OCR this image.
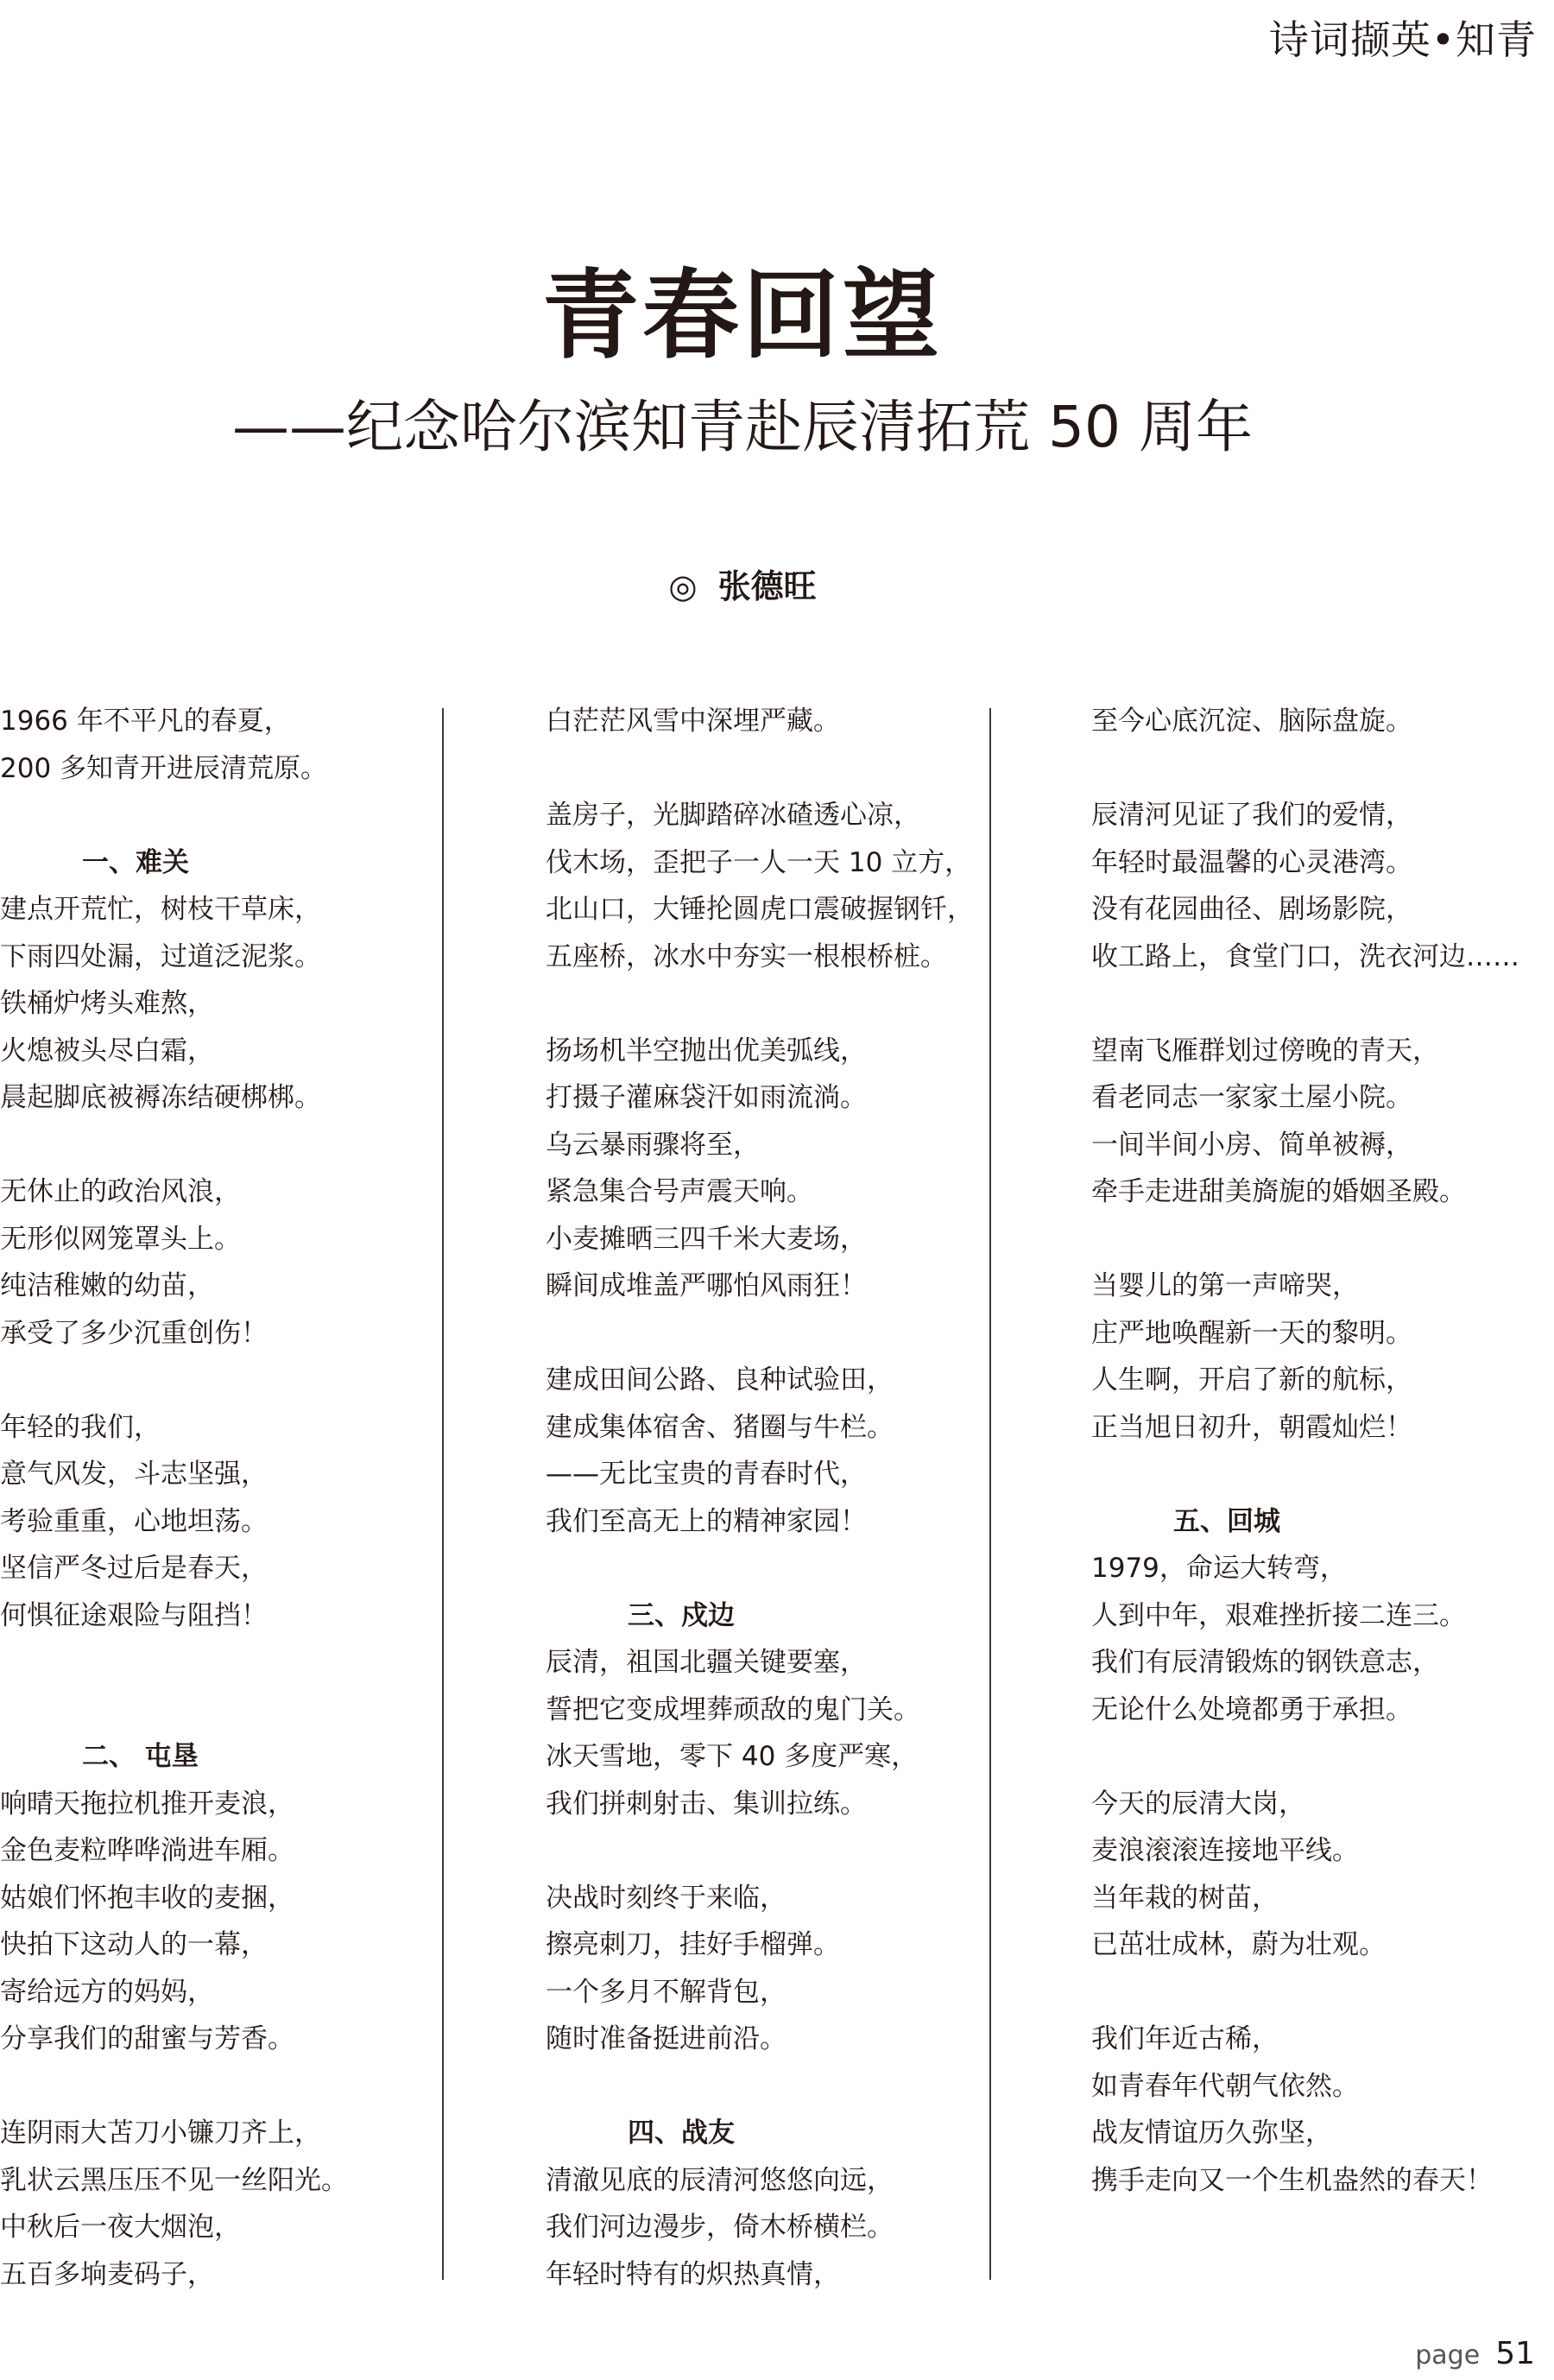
诗词撷英•知青
青春回望
——纪念哈尔滨知青赴辰清拓荒 50 周年
◎ 张德旺
1966 年不平凡的春夏，
200 多知青开进辰清荒原。
一、难关
建点开荒忙，树枝干草床，
下雨四处漏，过道泛泥浆。
铁桶炉烤头难熬，
火熄被头尽白霜，
晨起脚底被褥冻结硬梆梆。
无休止的政治风浪，
无形似网笼罩头上。
纯洁稚嫩的幼苗，
承受了多少沉重创伤！
年轻的我们，
意气风发，斗志坚强，
考验重重，心地坦荡。
坚信严冬过后是春天，
何惧征途艰险与阻挡！
二、 屯垦
响晴天拖拉机推开麦浪，
金色麦粒哗哗淌进车厢。
姑娘们怀抱丰收的麦捆，
快拍下这动人的一幕，
寄给远方的妈妈，
分享我们的甜蜜与芳香。
连阴雨大苫刀小镰刀齐上，
乳状云黑压压不见一丝阳光。
中秋后一夜大烟泡，
五百多垧麦码子，
白茫茫风雪中深埋严藏。
盖房子，光脚踏碎冰碴透心凉，
伐木场，歪把子一人一天 10 立方，
北山口，大锤抡圆虎口震破握钢钎，
五座桥，冰水中夯实一根根桥桩。
扬场机半空抛出优美弧线，
打摄子灌麻袋汗如雨流淌。
乌云暴雨骤将至，
紧急集合号声震天响。
小麦摊晒三四千米大麦场，
瞬间成堆盖严哪怕风雨狂！
建成田间公路、良种试验田，
建成集体宿舍、猪圈与牛栏。
——无比宝贵的青春时代，
我们至高无上的精神家园！
三、戍边
辰清，祖国北疆关键要塞，
誓把它变成埋葬顽敌的鬼门关。
冰天雪地，零下 40 多度严寒，
我们拼刺射击、集训拉练。
决战时刻终于来临，
擦亮刺刀，挂好手榴弹。
一个多月不解背包，
随时准备挺进前沿。
四、战友
清澈见底的辰清河悠悠向远，
我们河边漫步，倚木桥横栏。
年轻时特有的炽热真情，
至今心底沉淀、脑际盘旋。
辰清河见证了我们的爱情，
年轻时最温馨的心灵港湾。
没有花园曲径、剧场影院，
收工路上，食堂门口，洗衣河边……
望南飞雁群划过傍晚的青天，
看老同志一家家土屋小院。
一间半间小房、简单被褥，
牵手走进甜美旖旎的婚姻圣殿。
当婴儿的第一声啼哭，
庄严地唤醒新一天的黎明。
人生啊，开启了新的航标，
正当旭日初升，朝霞灿烂！
五、回城
1979，命运大转弯，
人到中年，艰难挫折接二连三。
我们有辰清锻炼的钢铁意志，
无论什么处境都勇于承担。
今天的辰清大岗，
麦浪滚滚连接地平线。
当年栽的树苗，
已茁壮成林，蔚为壮观。
我们年近古稀，
如青春年代朝气依然。
战友情谊历久弥坚，
携手走向又一个生机盎然的春天！
page 51
